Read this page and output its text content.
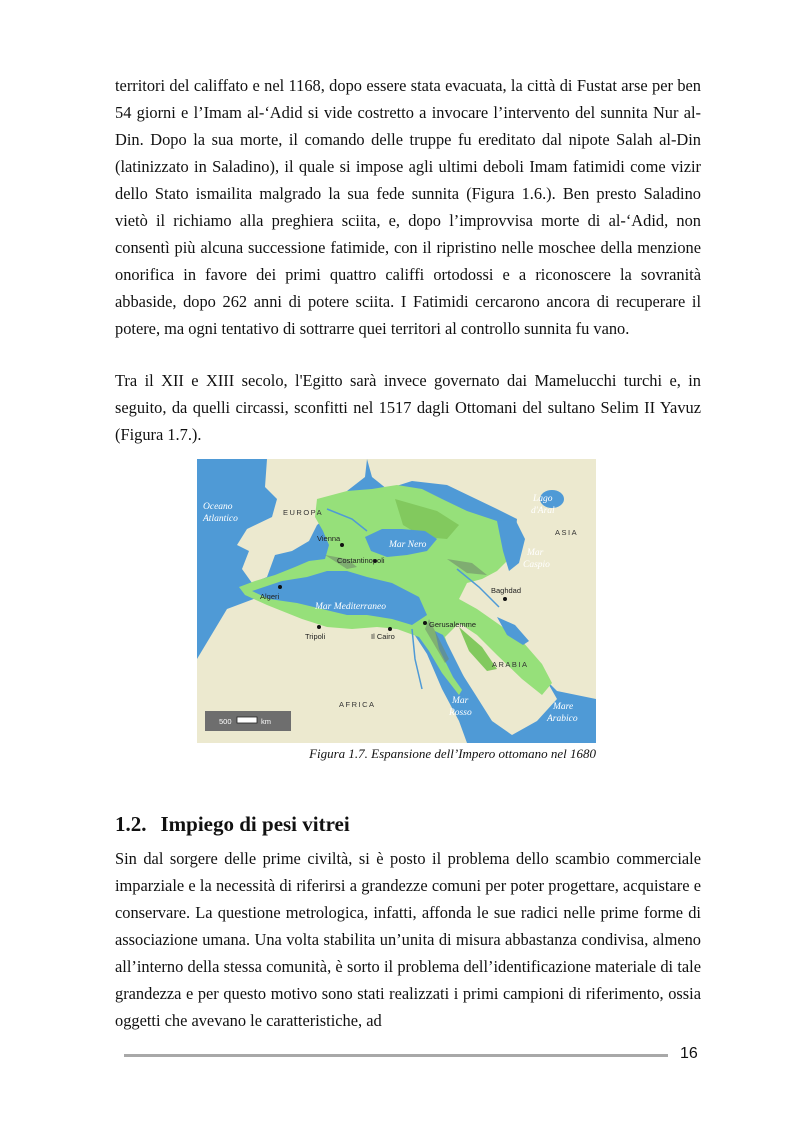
territori del califfato e nel 1168, dopo essere stata evacuata, la città di Fustat arse per ben 54 giorni e l’Imam al-‘Adid si vide costretto a invocare l’intervento del sunnita Nur al-Din. Dopo la sua morte, il comando delle truppe fu ereditato dal nipote Salah al-Din (latinizzato in Saladino), il quale si impose agli ultimi deboli Imam fatimidi come vizir dello Stato ismailita malgrado la sua fede sunnita (Figura 1.6.). Ben presto Saladino vietò il richiamo alla preghiera sciita, e, dopo l’improvvisa morte di al-‘Adid, non consentì più alcuna successione fatimide, con il ripristino nelle moschee della menzione onorifica in favore dei primi quattro califfi ortodossi e a riconoscere la sovranità abbaside, dopo 262 anni di potere sciita. I Fatimidi cercarono ancora di recuperare il potere, ma ogni tentativo di sottrarre quei territori al controllo sunnita fu vano.

Tra il XII e XIII secolo, l'Egitto sarà invece governato dai Mamelucchi turchi e, in seguito, da quelli circassi, sconfitti nel 1517 dagli Ottomani del sultano Selim II Yavuz (Figura 1.7.).

Oceano
Atlantico
EUROPA
Lago
d'Aral
ASIA
Vienna
Mar Nero
Costantinopoli
Mar
Caspio
Algeri
Mar Mediterraneo
Baghdad
Tripoli	Il Cairo
Gerusalemme
ARABIA
AFRICA	Mar
Rosso
Mare
Arabico
500	km
Figura 1.7. Espansione dell’Impero ottomano nel 1680
1.2. Impiego di pesi vitrei

Sin dal sorgere delle prime civiltà, si è posto il problema dello scambio commerciale imparziale e la necessità di riferirsi a grandezze comuni per poter progettare, acquistare e conservare. La questione metrologica, infatti, affonda le sue radici nelle prime forme di associazione umana. Una volta stabilita un’unita di misura abbastanza condivisa, almeno all’interno della stessa comunità, è sorto il problema dell’identificazione materiale di tale grandezza e per questo motivo sono stati realizzati i primi campioni di riferimento, ossia oggetti che avevano le caratteristiche, ad

16
